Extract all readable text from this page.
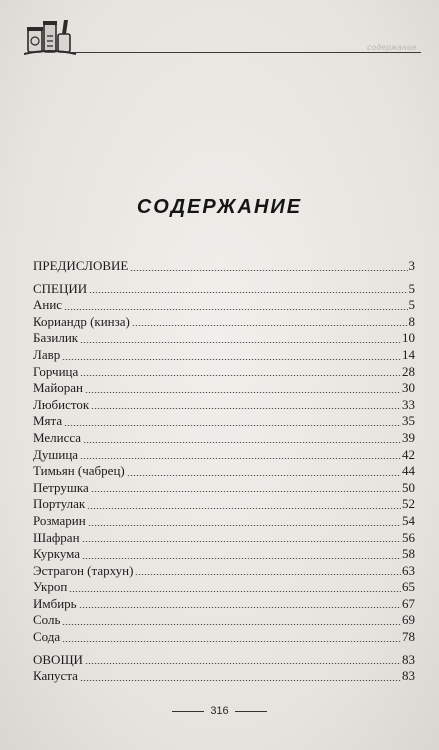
содержание

СОДЕРЖАНИЕ
ПРЕДИСЛОВИЕ	3
СПЕЦИИ	5
Анис	5
Кориандр (кинза)	8
Базилик	10
Лавр	14
Горчица	28
Майоран	30
Любисток	33
Мята	35
Мелисса	39
Душица	42
Тимьян (чабрец)	44
Петрушка	50
Портулак	52
Розмарин	54
Шафран	56
Куркума	58
Эстрагон (тархун)	63
Укроп	65
Имбирь	67
Соль	69
Сода	78
ОВОЩИ	83
Капуста	83
316
